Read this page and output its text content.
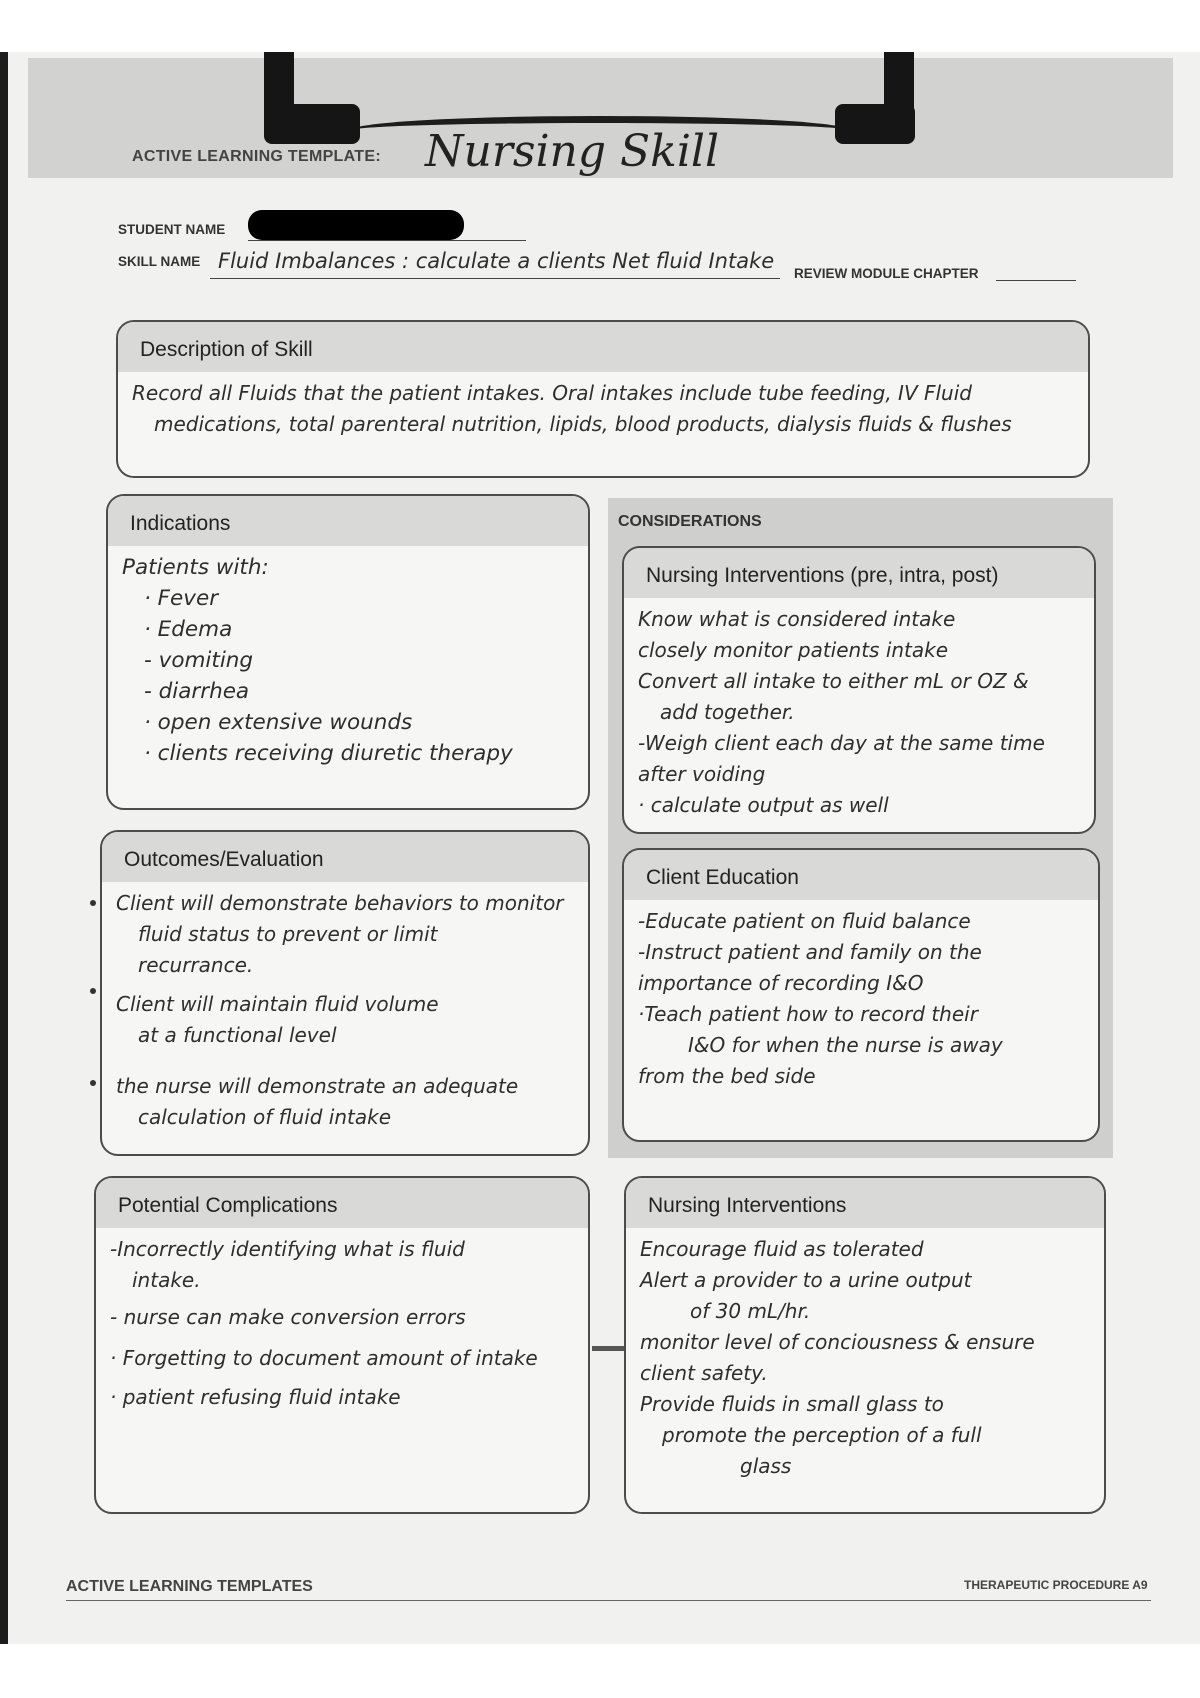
ACTIVE LEARNING TEMPLATE: Nursing Skill
STUDENT NAME
SKILL NAME Fluid Imbalances : calculate a clients Net fluid Intake
REVIEW MODULE CHAPTER
Description of Skill
Record all Fluids that the patient intakes. Oral intakes include tube feeding, IV Fluid
medications, total parenteral nutrition, lipids, blood products, dialysis fluids & flushes
Indications
Patients with:
· Fever
· Edema
- vomiting
- diarrhea
· open extensive wounds
· clients receiving diuretic therapy
CONSIDERATIONS
Nursing Interventions (pre, intra, post)
Know what is considered intake
closely monitor patients intake
Convert all intake to either mL or OZ &
add together.
-Weigh client each day at the same time
after voiding
· calculate output as well
Client Education
-Educate patient on fluid balance
-Instruct patient and family on the
importance of recording I&O
·Teach patient how to record their
I&O for when the nurse is away
from the bed side
Outcomes/Evaluation
Client will demonstrate behaviors to monitor
fluid status to prevent or limit
recurrance.
Client will maintain fluid volume
at a functional level
the nurse will demonstrate an adequate
calculation of fluid intake
Potential Complications
-Incorrectly identifying what is fluid
intake.
- nurse can make conversion errors
· Forgetting to document amount of intake
· patient refusing fluid intake
Nursing Interventions
Encourage fluid as tolerated
Alert a provider to a urine output
of 30 mL/hr.
monitor level of conciousness & ensure
client safety.
Provide fluids in small glass to
promote the perception of a full
glass
ACTIVE LEARNING TEMPLATES	THERAPEUTIC PROCEDURE A9
